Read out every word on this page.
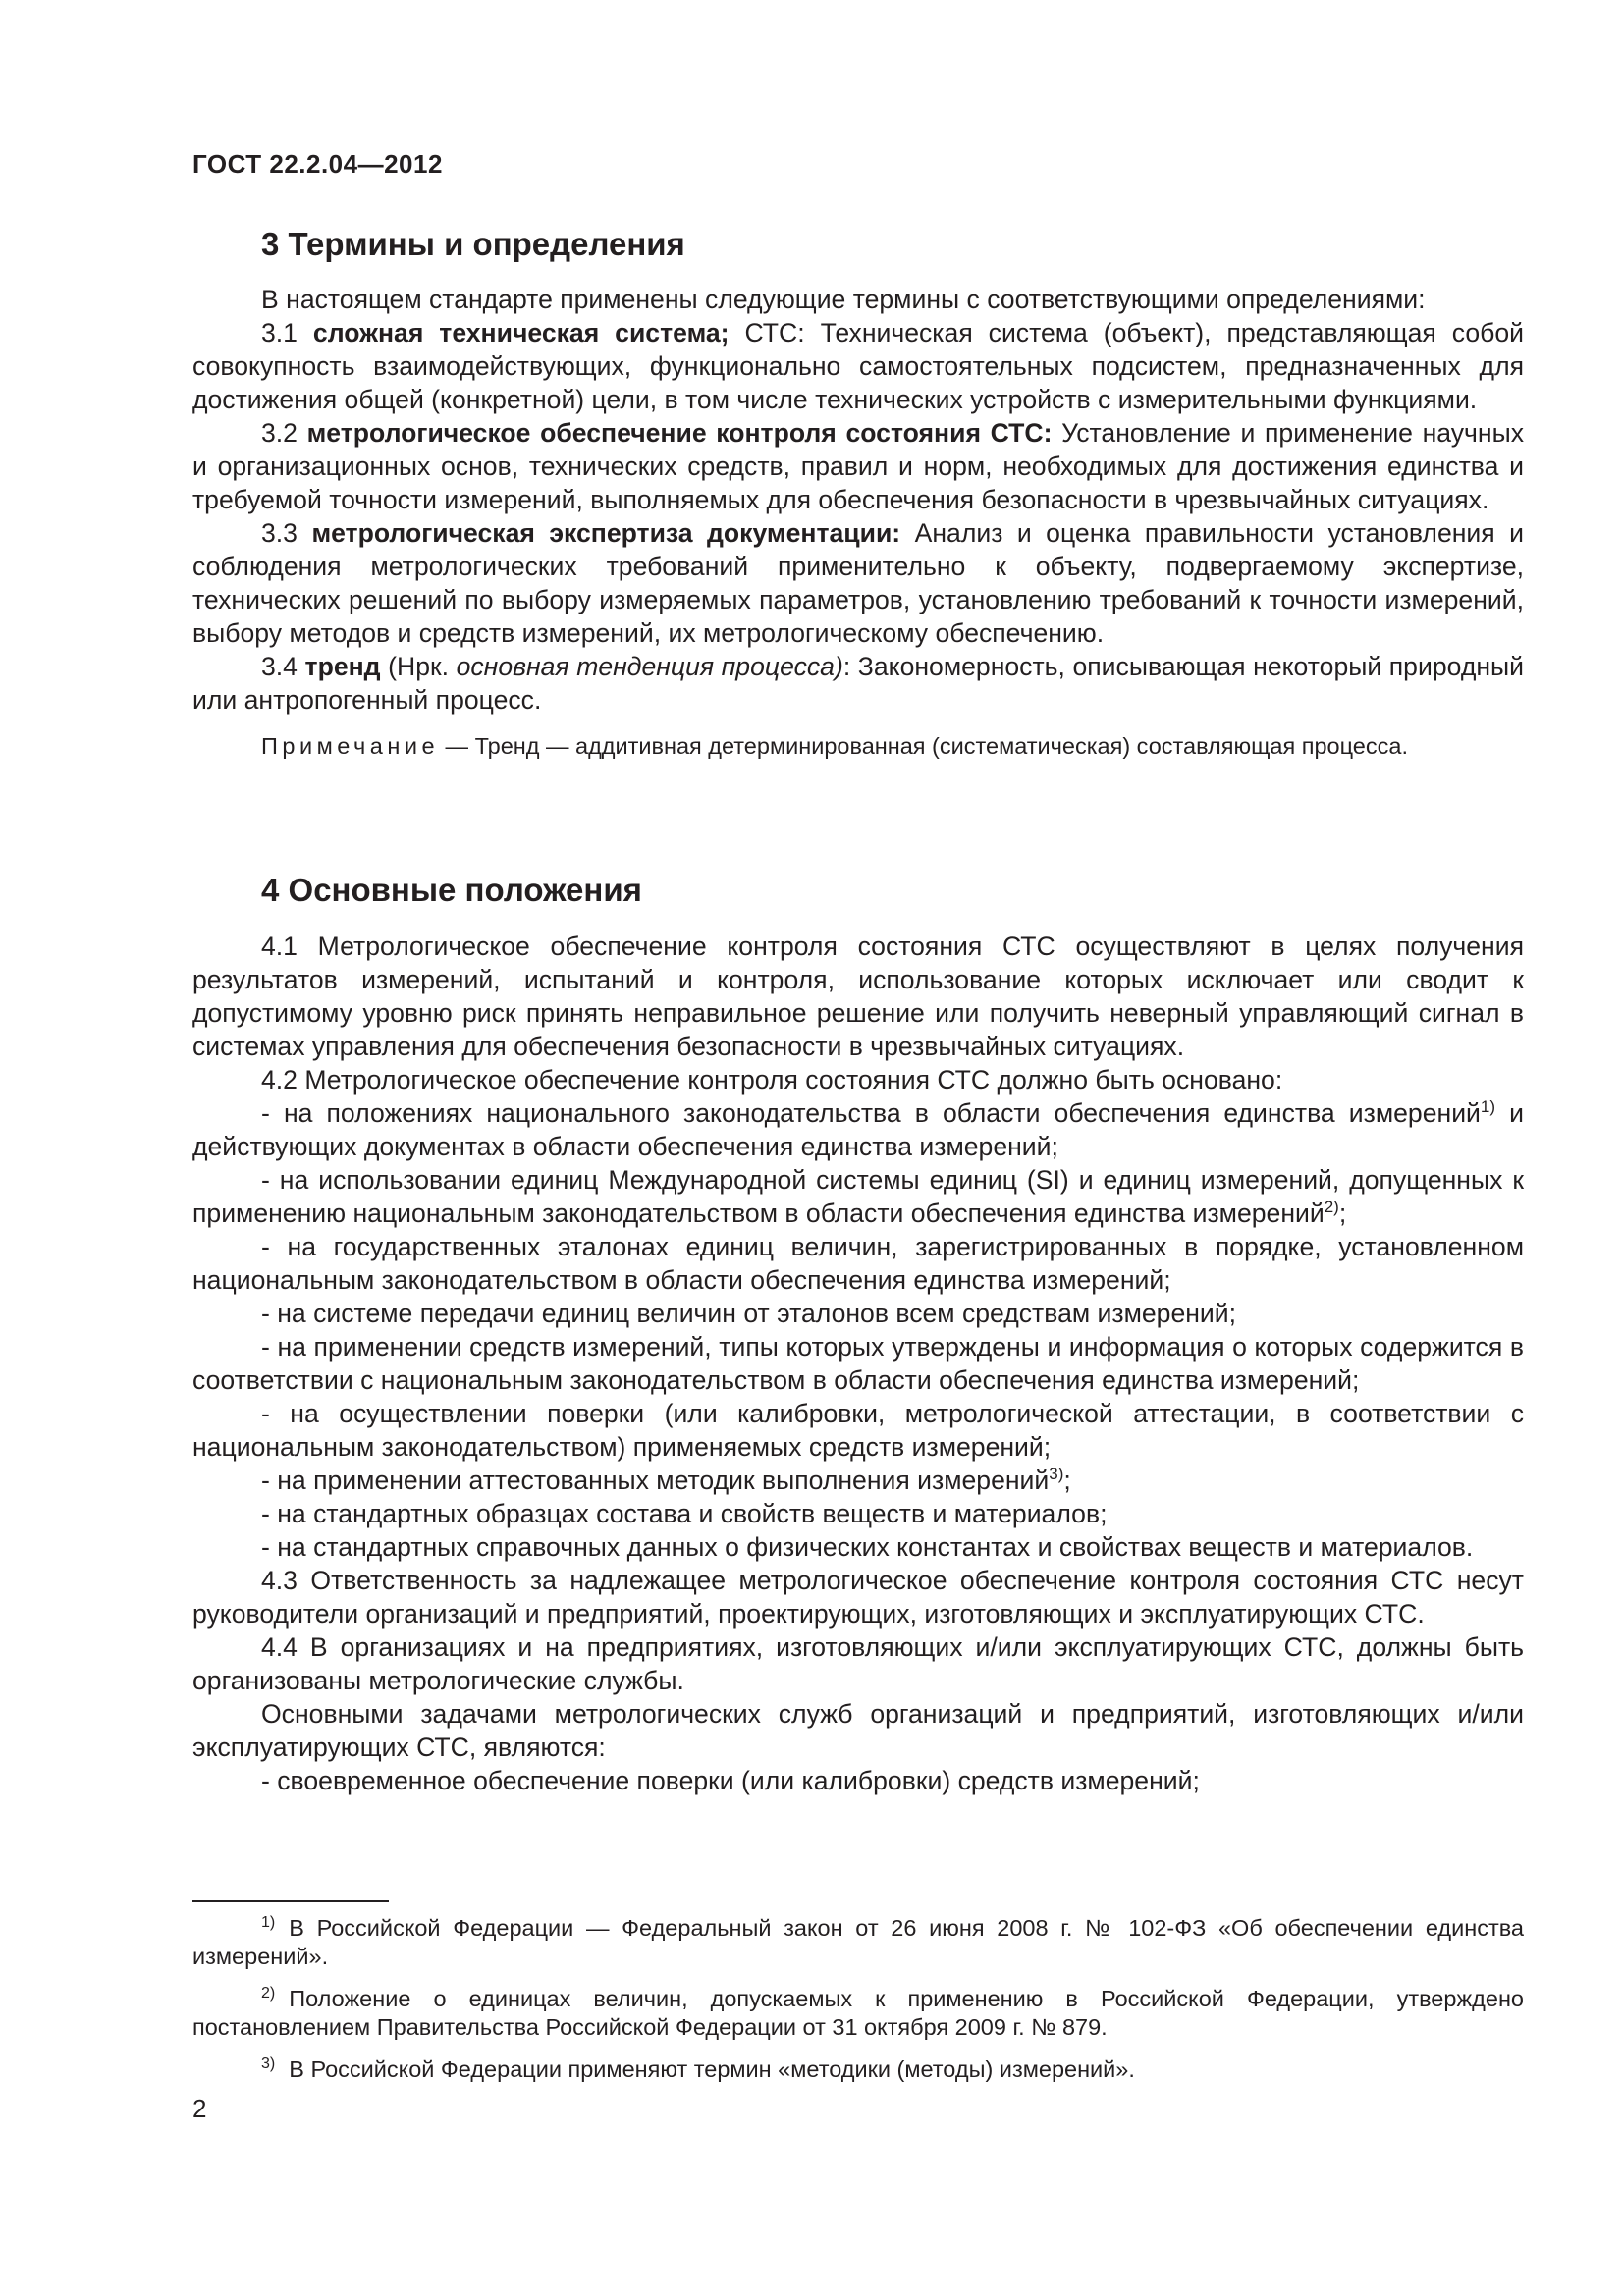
ГОСТ 22.2.04—2012
3 Термины и определения

В настоящем стандарте применены следующие термины с соответствующими определениями:

3.1 сложная техническая система; СТС: Техническая система (объект), представляющая собой совокупность взаимодействующих, функционально самостоятельных подсистем, предназначенных для достижения общей (конкретной) цели, в том числе технических устройств с измерительными функциями.

3.2 метрологическое обеспечение контроля состояния СТС: Установление и применение научных и организационных основ, технических средств, правил и норм, необходимых для достижения единства и требуемой точности измерений, выполняемых для обеспечения безопасности в чрезвычайных ситуациях.

3.3 метрологическая экспертиза документации: Анализ и оценка правильности установления и соблюдения метрологических требований применительно к объекту, подвергаемому экспертизе, технических решений по выбору измеряемых параметров, установлению требований к точности измерений, выбору методов и средств измерений, их метрологическому обеспечению.

3.4 тренд (Нрк. основная тенденция процесса): Закономерность, описывающая некоторый природный или антропогенный процесс.

Примечание — Тренд — аддитивная детерминированная (систематическая) составляющая процесса.

4 Основные положения

4.1 Метрологическое обеспечение контроля состояния СТС осуществляют в целях получения результатов измерений, испытаний и контроля, использование которых исключает или сводит к допустимому уровню риск принять неправильное решение или получить неверный управляющий сигнал в системах управления для обеспечения безопасности в чрезвычайных ситуациях.

4.2 Метрологическое обеспечение контроля состояния СТС должно быть основано:

- на положениях национального законодательства в области обеспечения единства измерений$^{1)}$ и действующих документах в области обеспечения единства измерений;

- на использовании единиц Международной системы единиц (SI) и единиц измерений, допущенных к применению национальным законодательством в области обеспечения единства измерений$^{2)}$;

- на государственных эталонах единиц величин, зарегистрированных в порядке, установленном национальным законодательством в области обеспечения единства измерений;

- на системе передачи единиц величин от эталонов всем средствам измерений;

- на применении средств измерений, типы которых утверждены и информация о которых содержится в соответствии с национальным законодательством в области обеспечения единства измерений;

- на осуществлении поверки (или калибровки, метрологической аттестации, в соответствии с национальным законодательством) применяемых средств измерений;

- на применении аттестованных методик выполнения измерений$^{3)}$;

- на стандартных образцах состава и свойств веществ и материалов;

- на стандартных справочных данных о физических константах и свойствах веществ и материалов.

4.3 Ответственность за надлежащее метрологическое обеспечение контроля состояния СТС несут руководители организаций и предприятий, проектирующих, изготовляющих и эксплуатирующих СТС.

4.4 В организациях и на предприятиях, изготовляющих и/или эксплуатирующих СТС, должны быть организованы метрологические службы.

Основными задачами метрологических служб организаций и предприятий, изготовляющих и/или эксплуатирующих СТС, являются:

- своевременное обеспечение поверки (или калибровки) средств измерений;

$^{1)}$ В Российской Федерации — Федеральный закон от 26 июня 2008 г. № 102-ФЗ «Об обеспечении единства измерений».

$^{2)}$ Положение о единицах величин, допускаемых к применению в Российской Федерации, утверждено постановлением Правительства Российской Федерации от 31 октября 2009 г. № 879.

$^{3)}$ В Российской Федерации применяют термин «методики (методы) измерений».

2
